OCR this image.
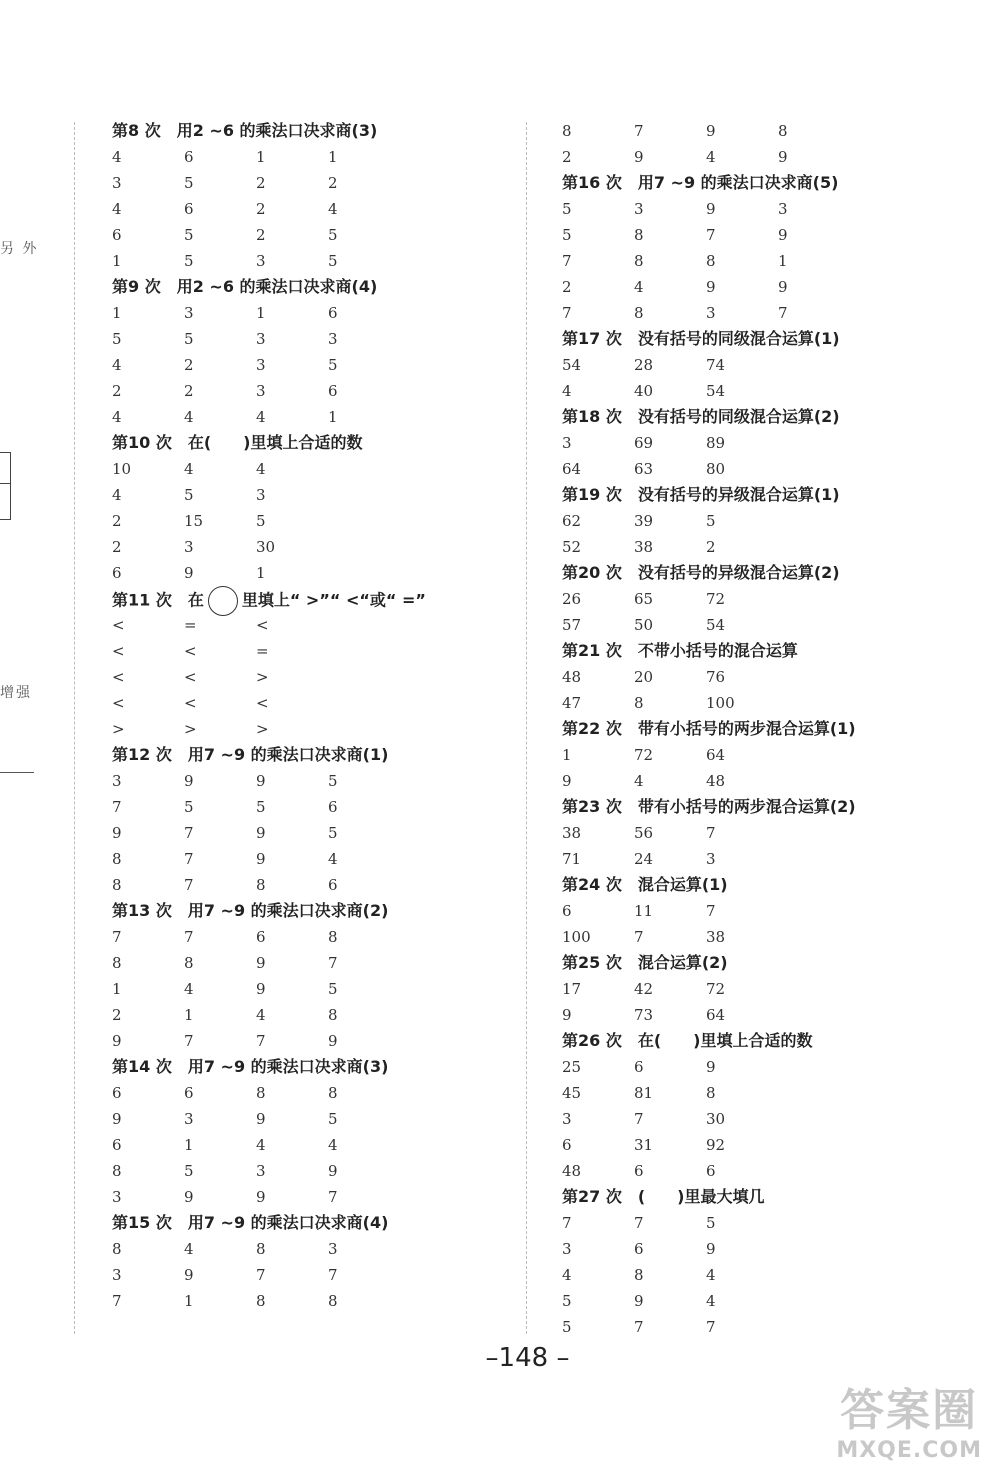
另 外
增强
第8 次　用2 ~6 的乘法口决求商(3)
4	6	1	1
3	5	2	2
4	6	2	4
6	5	2	5
1	5	3	5
第9 次　用2 ~6 的乘法口决求商(4)
1	3	1	6
5	5	3	3
4	2	3	5
2	2	3	6
4	4	4	1
第10 次　在(　　)里填上合适的数
10	4	4
4	5	3
2	15	5
2	3	30
6	9	1
第11 次　在 里填上“ >”“ <“或“ =”
<	=	<
<	<	=
<	<	>
<	<	<
>	>	>
第12 次　用7 ~9 的乘法口决求商(1)
3	9	9	5
7	5	5	6
9	7	9	5
8	7	9	4
8	7	8	6
第13 次　用7 ~9 的乘法口决求商(2)
7	7	6	8
8	8	9	7
1	4	9	5
2	1	4	8
9	7	7	9
第14 次　用7 ~9 的乘法口决求商(3)
6	6	8	8
9	3	9	5
6	1	4	4
8	5	3	9
3	9	9	7
第15 次　用7 ~9 的乘法口决求商(4)
8	4	8	3
3	9	7	7
7	1	8	8
8	7	9	8
2	9	4	9
第16 次　用7 ~9 的乘法口决求商(5)
5	3	9	3
5	8	7	9
7	8	8	1
2	4	9	9
7	8	3	7
第17 次　没有括号的同级混合运算(1)
54	28	74
4	40	54
第18 次　没有括号的同级混合运算(2)
3	69	89
64	63	80
第19 次　没有括号的异级混合运算(1)
62	39	5
52	38	2
第20 次　没有括号的异级混合运算(2)
26	65	72
57	50	54
第21 次　不带小括号的混合运算
48	20	76
47	8	100
第22 次　带有小括号的两步混合运算(1)
1	72	64
9	4	48
第23 次　带有小括号的两步混合运算(2)
38	56	7
71	24	3
第24 次　混合运算(1)
6	11	7
100	7	38
第25 次　混合运算(2)
17	42	72
9	73	64
第26 次　在(　　)里填上合适的数
25	6	9
45	81	8
3	7	30
6	31	92
48	6	6
第27 次　(　　)里最大填几
7	7	5
3	6	9
4	8	4
5	9	4
5	7	7
–148 –
答案圈
MXQE.COM
